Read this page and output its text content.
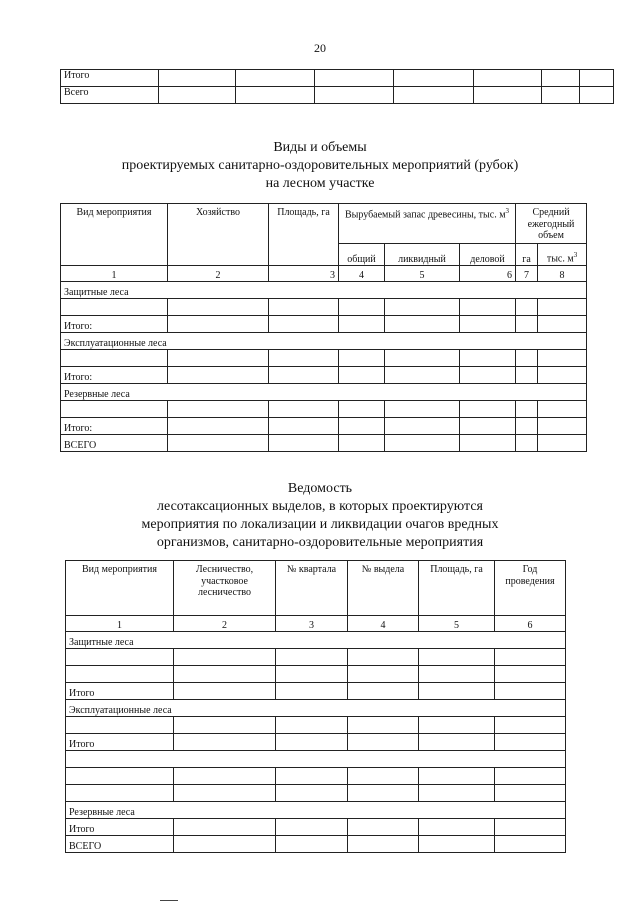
20
Итого							
Всего							
Виды и объемы
проектируемых санитарно-оздоровительных мероприятий (рубок)
на лесном участке
Вид мероприятия	Хозяйство	Площадь, га	Вырубаемый запас древесины, тыс. $м^3$			Средний ежегодный объем	
			общий	ликвидный	деловой	га	тыс. $м^3$
1	2	3	4	5	6	7	8
Защитные леса							

Итого:							
Эксплуатационные леса							

Итого:							
Резервные леса							

Итого:							
ВСЕГО							
Ведомость
лесотаксационных выделов, в которых проектируются
мероприятия по локализации и ликвидации очагов вредных
организмов, санитарно-оздоровительные мероприятия
Вид мероприятия	Лесничество, участковое лесничество	№ квартала	№ выдела	Площадь, га	Год проведения
1	2	3	4	5	6
Защитные леса					

Итого					
Эксплуатационные леса					

Итого					

Резервные леса					
Итого					
ВСЕГО					
